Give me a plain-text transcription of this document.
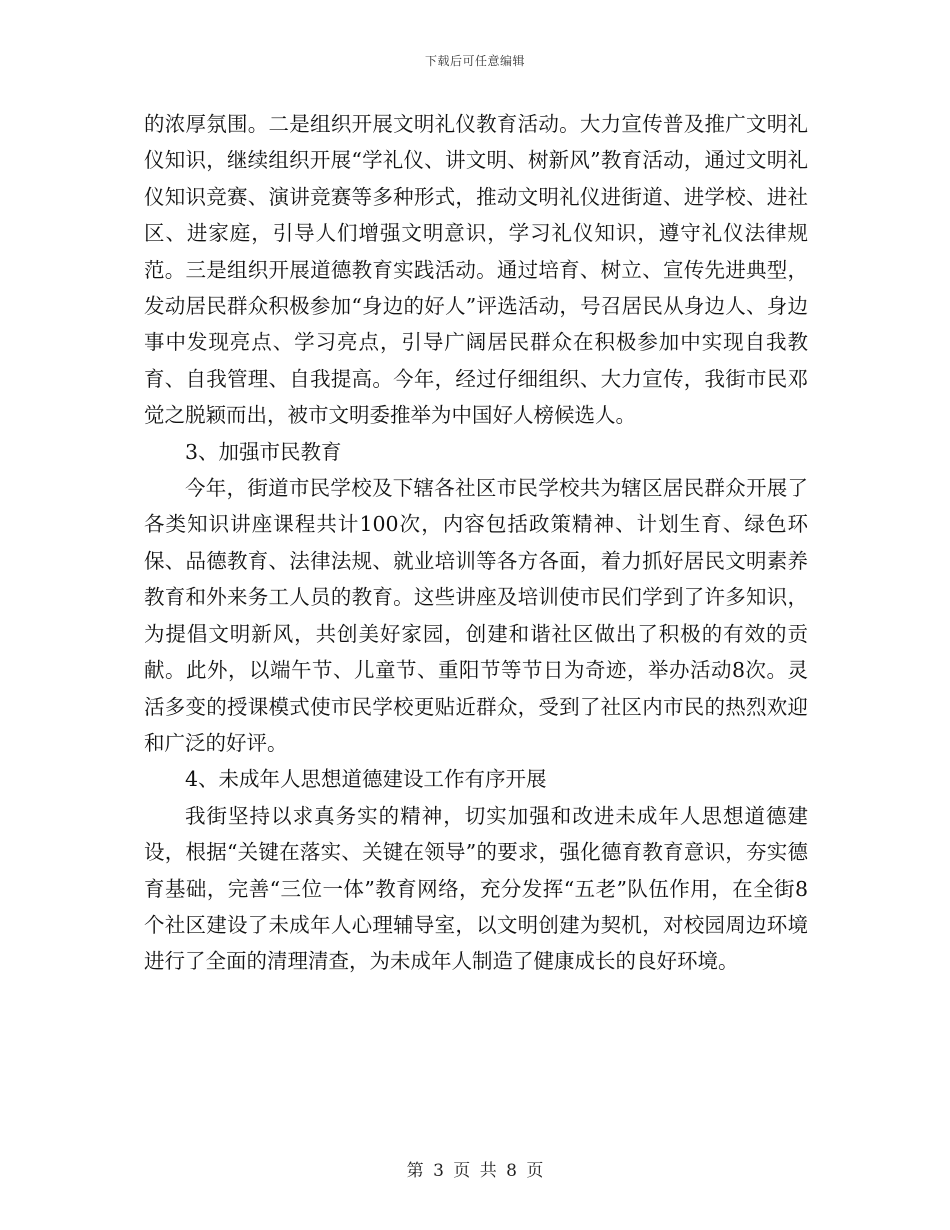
下载后可任意编辑

的浓厚氛围。二是组织开展文明礼仪教育活动。大力宣传普及推广文明礼仪知识，继续组织开展“学礼仪、讲文明、树新风”教育活动，通过文明礼仪知识竞赛、演讲竞赛等多种形式，推动文明礼仪进街道、进学校、进社区、进家庭，引导人们增强文明意识，学习礼仪知识，遵守礼仪法律规范。三是组织开展道德教育实践活动。通过培育、树立、宣传先进典型，发动居民群众积极参加“身边的好人”评选活动，号召居民从身边人、身边事中发现亮点、学习亮点，引导广阔居民群众在积极参加中实现自我教育、自我管理、自我提高。今年，经过仔细组织、大力宣传，我街市民邓觉之脱颖而出，被市文明委推举为中国好人榜候选人。

3、加强市民教育

今年，街道市民学校及下辖各社区市民学校共为辖区居民群众开展了各类知识讲座课程共计100次，内容包括政策精神、计划生育、绿色环保、品德教育、法律法规、就业培训等各方各面，着力抓好居民文明素养教育和外来务工人员的教育。这些讲座及培训使市民们学到了许多知识，为提倡文明新风，共创美好家园，创建和谐社区做出了积极的有效的贡献。此外，以端午节、儿童节、重阳节等节日为奇迹，举办活动8次。灵活多变的授课模式使市民学校更贴近群众，受到了社区内市民的热烈欢迎和广泛的好评。

4、未成年人思想道德建设工作有序开展

我街坚持以求真务实的精神，切实加强和改进未成年人思想道德建设，根据“关键在落实、关键在领导”的要求，强化德育教育意识，夯实德育基础，完善“三位一体”教育网络，充分发挥“五老”队伍作用，在全街8个社区建设了未成年人心理辅导室，以文明创建为契机，对校园周边环境进行了全面的清理清查，为未成年人制造了健康成长的良好环境。

第 3 页 共 8 页
